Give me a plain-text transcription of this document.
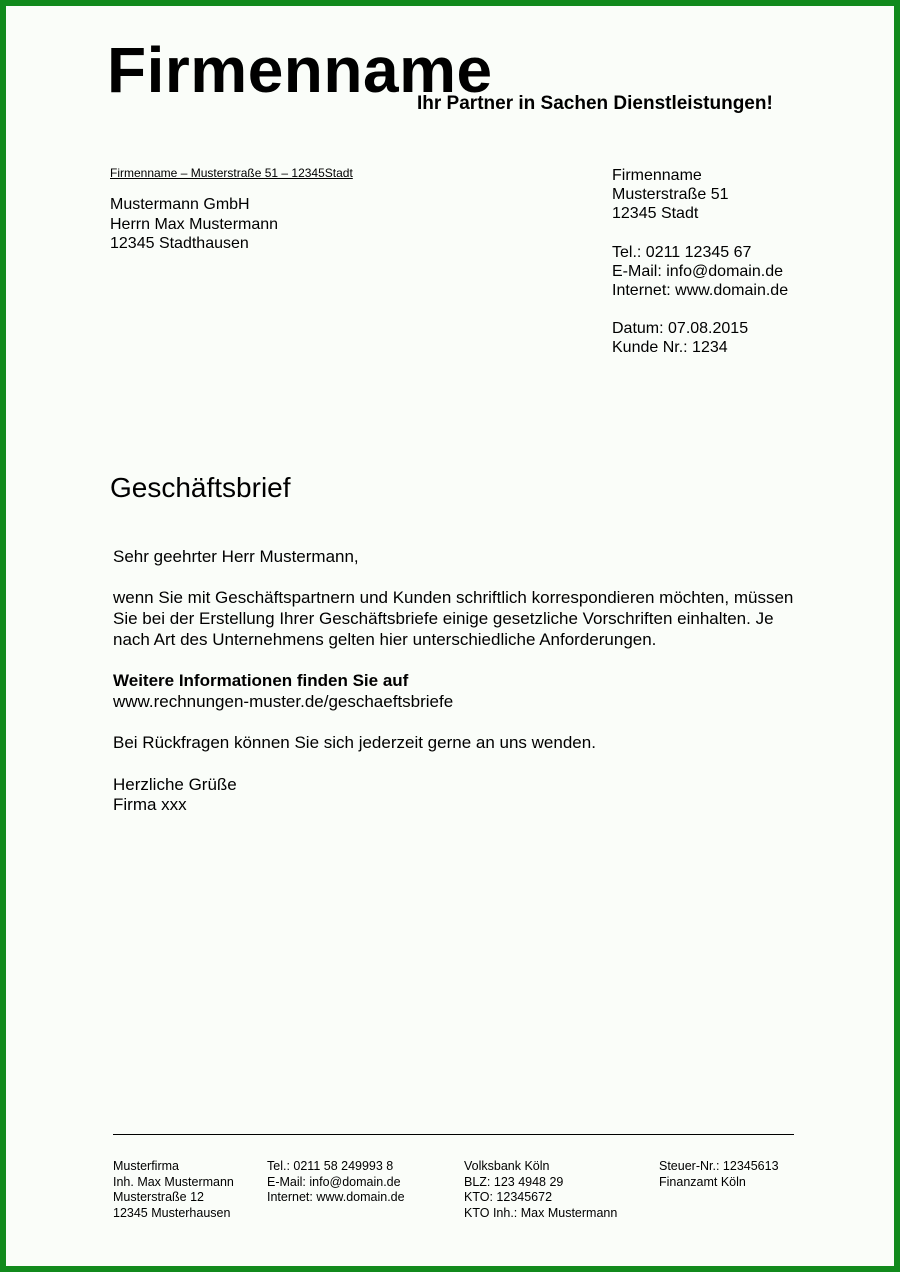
Firmenname
Ihr Partner in Sachen Dienstleistungen!
Firmenname – Musterstraße 51 – 12345Stadt
Mustermann GmbH
Herrn Max Mustermann
12345 Stadthausen
Firmenname
Musterstraße 51
12345 Stadt
Tel.: 0211 12345 67
E-Mail: info@domain.de
Internet: www.domain.de
Datum: 07.08.2015
Kunde Nr.: 1234
Geschäftsbrief

Sehr geehrter Herr Mustermann,

wenn Sie mit Geschäftspartnern und Kunden schriftlich korrespondieren möchten, müssen Sie bei der Erstellung Ihrer Geschäftsbriefe einige gesetzliche Vorschriften einhalten. Je nach Art des Unternehmens gelten hier unterschiedliche Anforderungen.

Weitere Informationen finden Sie auf
www.rechnungen-muster.de/geschaeftsbriefe

Bei Rückfragen können Sie sich jederzeit gerne an uns wenden.

Herzliche Grüße
Firma xxx

Musterfirma
Inh. Max Mustermann
Musterstraße 12
12345 Musterhausen
Tel.: 0211 58 249993 8
E-Mail: info@domain.de
Internet: www.domain.de
Volksbank Köln
BLZ: 123 4948 29
KTO: 12345672
KTO Inh.: Max Mustermann
Steuer-Nr.: 12345613
Finanzamt Köln
